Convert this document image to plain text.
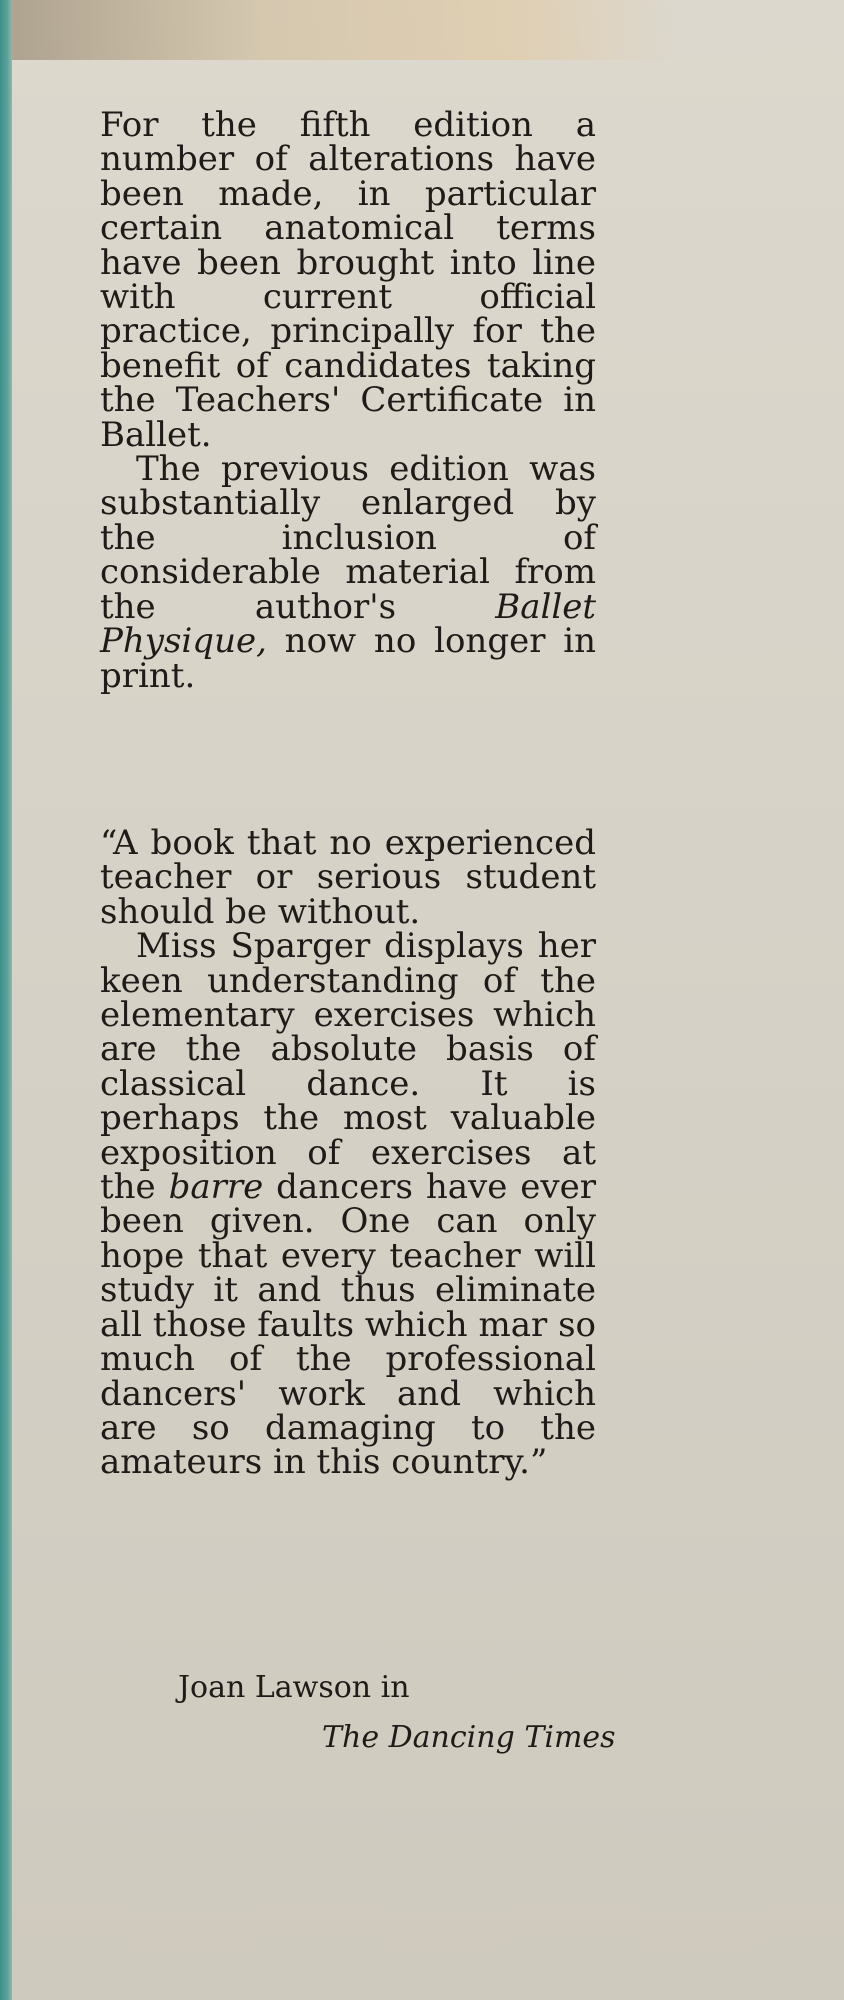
For the fifth edition a number of alterations have been made, in particular certain anatomical terms have been brought into line with current official practice, principally for the benefit of candidates taking the Teachers' Certificate in Ballet.

The previous edition was substantially enlarged by the inclusion of considerable material from the author's Ballet Physique, now no longer in print.

“A book that no experienced teacher or serious student should be without.

Miss Sparger displays her keen understanding of the elementary exercises which are the absolute basis of classical dance. It is perhaps the most valuable exposition of exercises at the barre dancers have ever been given. One can only hope that every teacher will study it and thus eliminate all those faults which mar so much of the professional dancers' work and which are so damaging to the amateurs in this country.”

Joan Lawson in
The Dancing Times
